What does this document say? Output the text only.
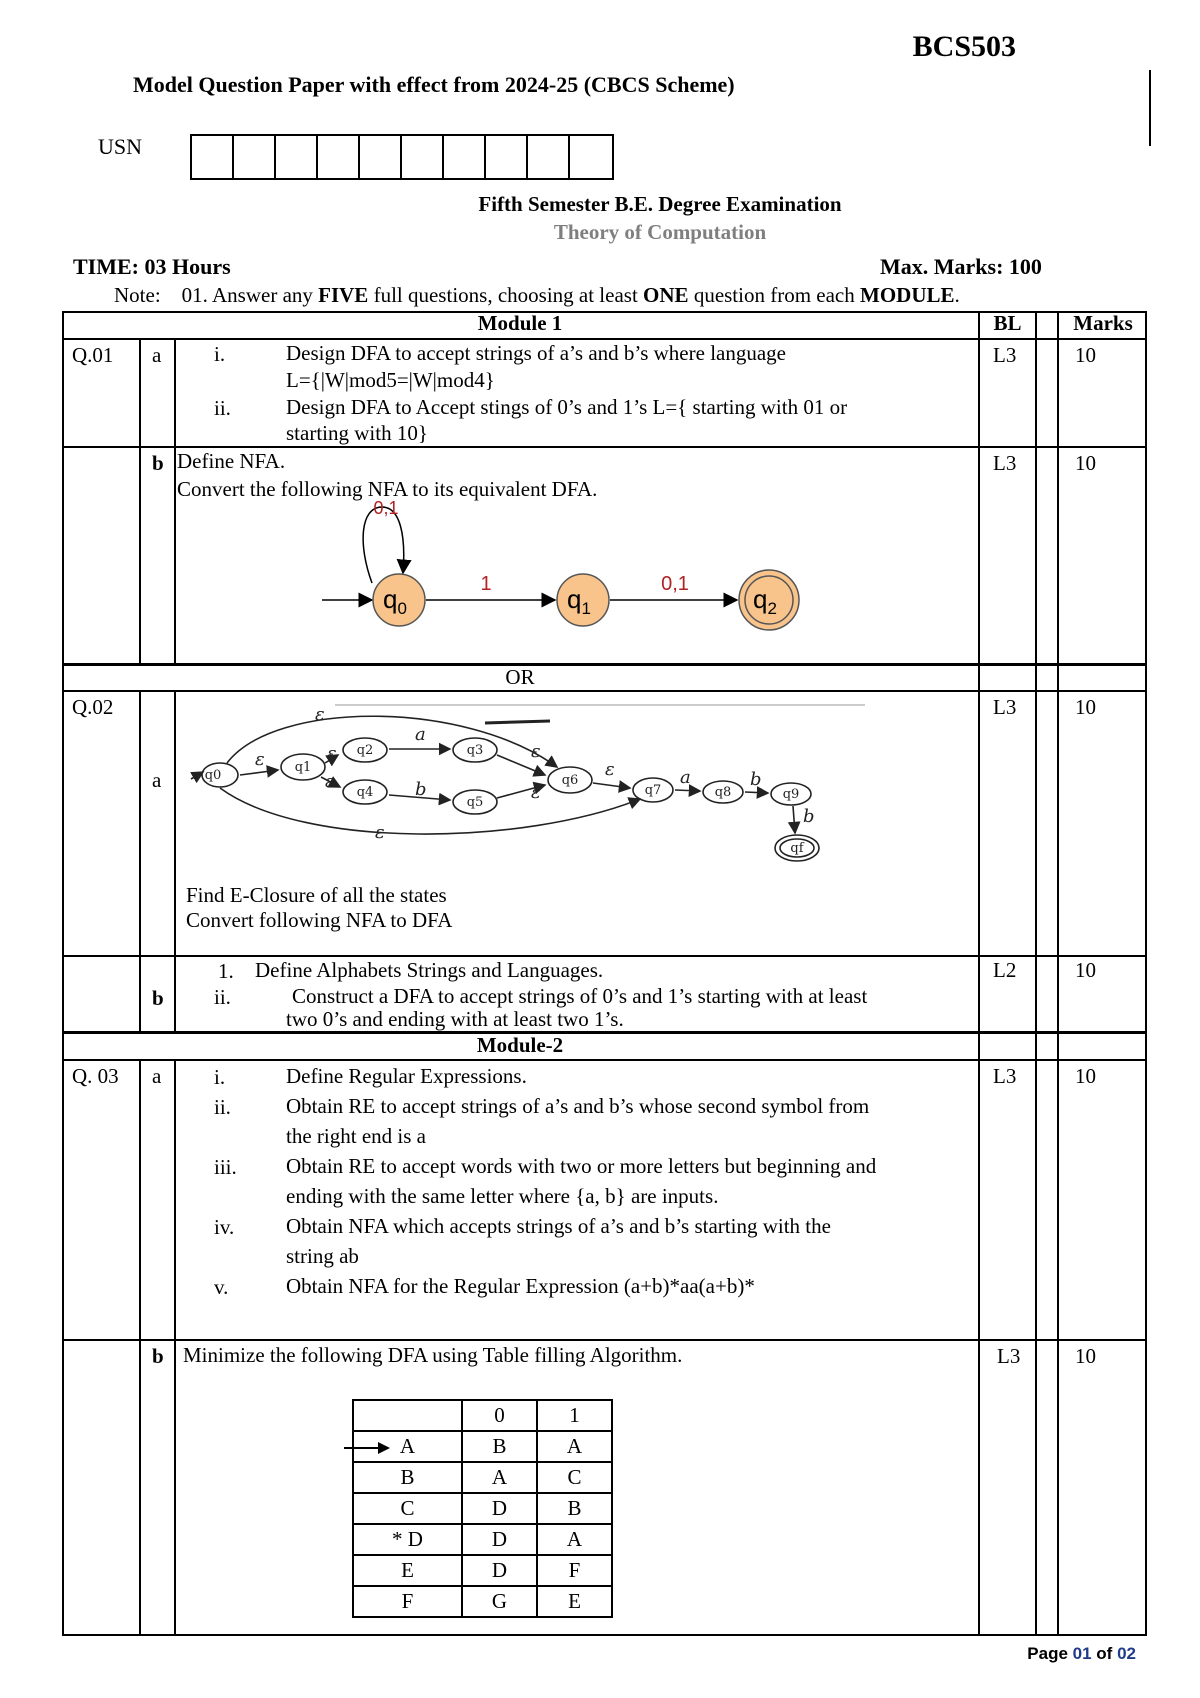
BCS503
Model Question Paper with effect from 2024-25 (CBCS Scheme)
USN
Fifth Semester B.E. Degree Examination
Theory of Computation
TIME: 03 Hours	Max. Marks: 100
Note: 01. Answer any FIVE full questions, choosing at least ONE question from each MODULE.
Module 1	BL	Marks
Q.01 a	i.	Design DFA to accept strings of a’s and b’s where language
L={|W|mod5=|W|mod4}
ii.	Design DFA to Accept stings of 0’s and 1’s L={ starting with 01 or
starting with 10}
L3	10
b Define NFA.
Convert the following NFA to its equivalent DFA.
L3	10
0,1
$q_0$
1	$q_1$
0,1 $q_2$
OR
Q.02
a
L3	10
q0
q1
q2	q3
q4
q5
q6
q7	q8	q9
qf
ε
ε	ε
ε
a
b
ε
ε
ε	a	b
b
ε
Find E-Closure of all the states
Convert following NFA to DFA
b
1. Define Alphabets Strings and Languages.
ii.	Construct a DFA to accept strings of 0’s and 1’s starting with at least
two 0’s and ending with at least two 1’s.
L2	10
Module-2
Q. 03 a	L3	10
i.	Define Regular Expressions.
ii.	Obtain RE to accept strings of a’s and b’s whose second symbol from
the right end is a
iii. Obtain RE to accept words with two or more letters but beginning and
ending with the same letter where {a, b} are inputs.
iv. Obtain NFA which accepts strings of a’s and b’s starting with the
string ab
v.	Obtain NFA for the Regular Expression (a+b)*aa(a+b)*
b Minimize the following DFA using Table filling Algorithm.	L3	10
	0	1

A	B	A
B	A	C
C	D	B
* D	D	A
E	D	F
F	G	E
Page 01 of 02
